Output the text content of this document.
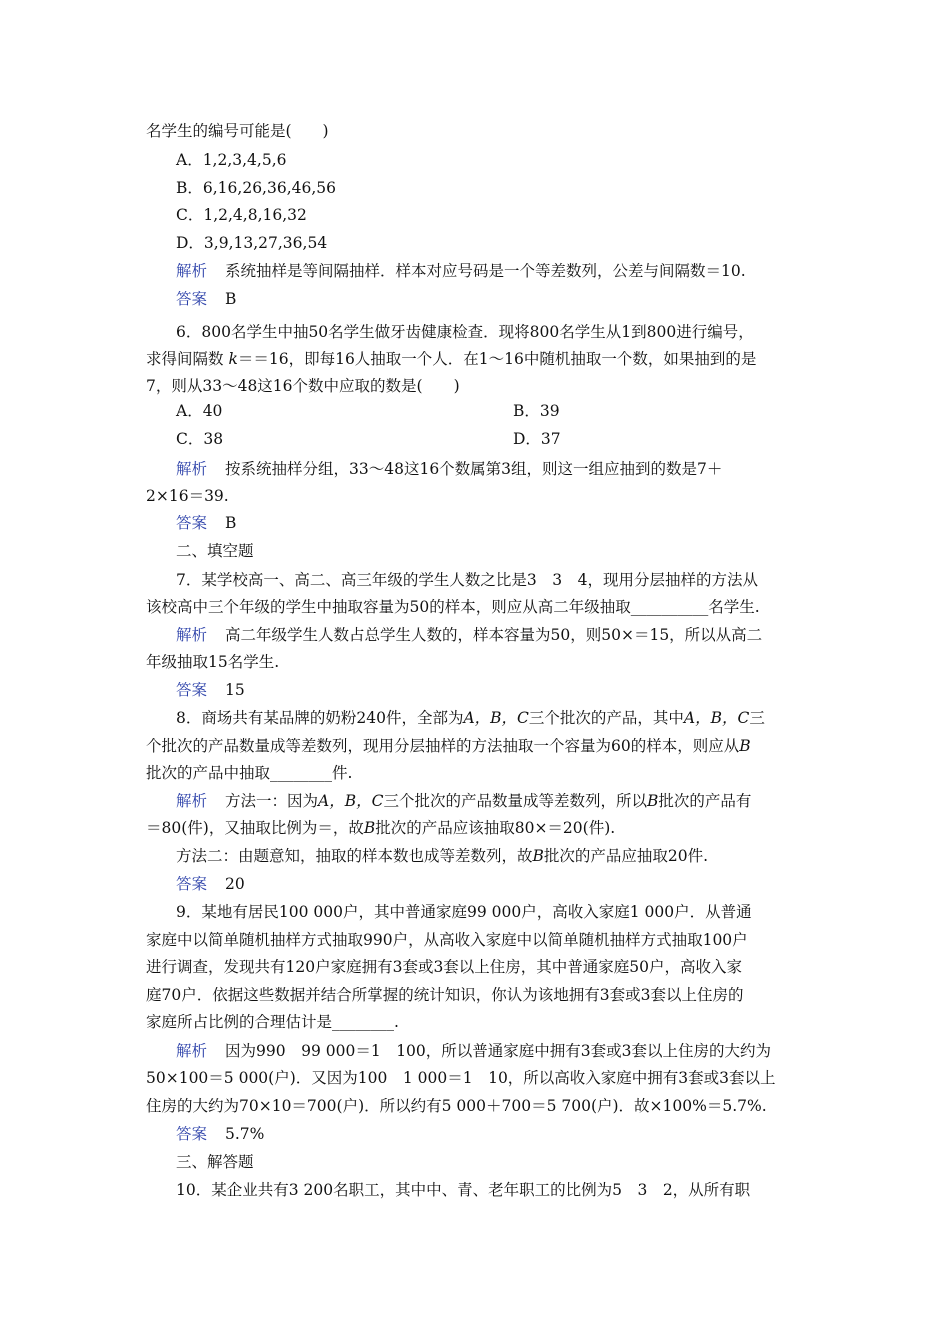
名学生的编号可能是(　　)
A．1,2,3,4,5,6
B．6,16,26,36,46,56
C．1,2,4,8,16,32
D．3,9,13,27,36,54
解析 系统抽样是等间隔抽样．样本对应号码是一个等差数列，公差与间隔数＝10.
答案 B
6．800名学生中抽50名学生做牙齿健康检查．现将800名学生从1到800进行编号，
求得间隔数 k＝＝16，即每16人抽取一个人．在1～16中随机抽取一个数，如果抽到的是
7，则从33～48这16个数中应取的数是(　　)
A．40	B．39
C．38	D．37
解析 按系统抽样分组，33～48这16个数属第3组，则这一组应抽到的数是7＋
2×16＝39.
答案 B
二、填空题
7．某学校高一、高二、高三年级的学生人数之比是3　3　4，现用分层抽样的方法从
该校高中三个年级的学生中抽取容量为50的样本，则应从高二年级抽取__________名学生.
解析 高二年级学生人数占总学生人数的，样本容量为50，则50×＝15，所以从高二
年级抽取15名学生.
答案 15
8．商场共有某品牌的奶粉240件，全部为A，B，C三个批次的产品，其中A，B，C三
个批次的产品数量成等差数列，现用分层抽样的方法抽取一个容量为60的样本，则应从B
批次的产品中抽取________件.
解析 方法一：因为A，B，C三个批次的产品数量成等差数列，所以B批次的产品有
＝80(件)，又抽取比例为＝，故B批次的产品应该抽取80×＝20(件).
方法二：由题意知，抽取的样本数也成等差数列，故B批次的产品应抽取20件.
答案 20
9．某地有居民100 000户，其中普通家庭99 000户，高收入家庭1 000户．从普通
家庭中以简单随机抽样方式抽取990户，从高收入家庭中以简单随机抽样方式抽取100户
进行调查，发现共有120户家庭拥有3套或3套以上住房，其中普通家庭50户，高收入家
庭70户．依据这些数据并结合所掌握的统计知识，你认为该地拥有3套或3套以上住房的
家庭所占比例的合理估计是________.
解析 因为990　99 000＝1　100，所以普通家庭中拥有3套或3套以上住房的大约为
50×100＝5 000(户)．又因为100　1 000＝1　10，所以高收入家庭中拥有3套或3套以上
住房的大约为70×10＝700(户)．所以约有5 000＋700＝5 700(户)．故×100%＝5.7%.
答案 5.7%
三、解答题
10．某企业共有3 200名职工，其中中、青、老年职工的比例为5　3　2，从所有职
